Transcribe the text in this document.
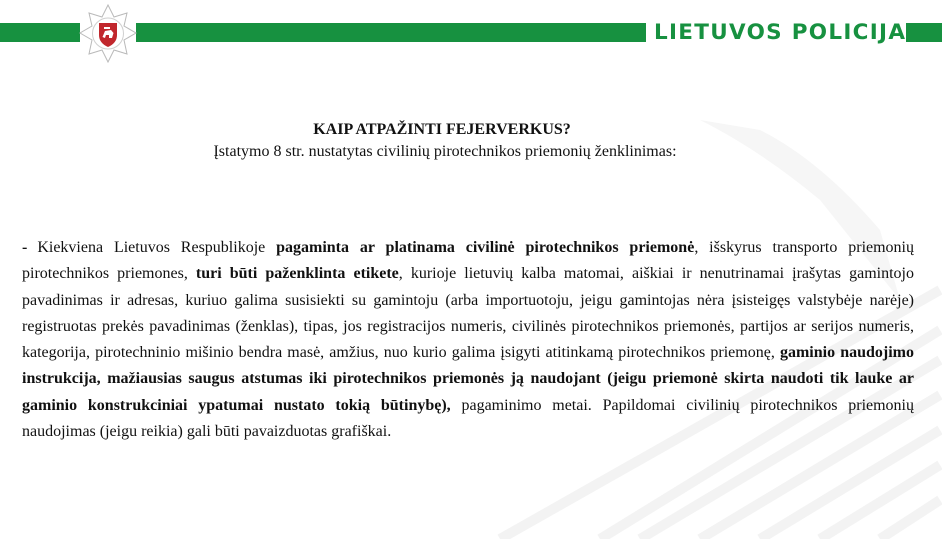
LIETUVOS POLICIJA
KAIP ATPAŽINTI FEJERVERKUS?
Įstatymo 8 str. nustatytas civilinių pirotechnikos priemonių ženklinimas:

- Kiekviena Lietuvos Respublikoje pagaminta ar platinama civilinė pirotechnikos priemonė, išskyrus transporto priemonių pirotechnikos priemones, turi būti paženklinta etikete, kurioje lietuvių kalba matomai, aiškiai ir nenutrinamai įrašytas gamintojo pavadinimas ir adresas, kuriuo galima susisiekti su gamintoju (arba importuotoju, jeigu gamintojas nėra įsisteigęs valstybėje narėje) registruotas prekės pavadinimas (ženklas), tipas, jos registracijos numeris, civilinės pirotechnikos priemonės, partijos ar serijos numeris, kategorija, pirotechninio mišinio bendra masė, amžius, nuo kurio galima įsigyti atitinkamą pirotechnikos priemonę, gaminio naudojimo instrukcija, mažiausias saugus atstumas iki pirotechnikos priemonės ją naudojant (jeigu priemonė skirta naudoti tik lauke ar gaminio konstrukciniai ypatumai nustato tokią būtinybę), pagaminimo metai. Papildomai civilinių pirotechnikos priemonių naudojimas (jeigu reikia) gali būti pavaizduotas grafiškai.
